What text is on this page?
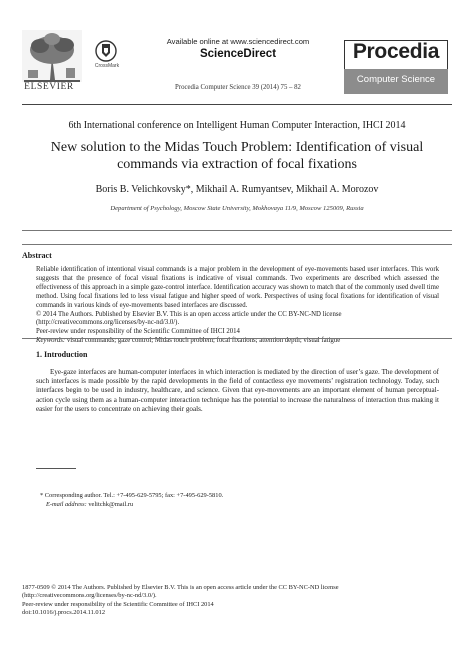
ELSEVIER
CrossMark
Available online at www.sciencedirect.com
ScienceDirect
Procedia Computer Science 39 (2014) 75 – 82
Procedia
Computer Science
6th International conference on Intelligent Human Computer Interaction, IHCI 2014
New solution to the Midas Touch Problem: Identification of visual
commands via extraction of focal fixations
Boris B. Velichkovsky*, Mikhail A. Rumyantsev, Mikhail A. Morozov
Department of Psychology, Moscow State University, Mokhovaya 11/9, Moscow 125009, Russia
Abstract

Reliable identification of intentional visual commands is a major problem in the development of eye-movements based user interfaces. This work suggests that the presence of focal visual fixations is indicative of visual commands. Two experiments are described which assessed the effectiveness of this approach in a simple gaze-control interface. Identification accuracy was shown to match that of the commonly used dwell time method. Using focal fixations led to less visual fatigue and higher speed of work. Perspectives of using focal fixations for identification of visual commands in various kinds of eye-movements based interfaces are discussed.

© 2014 The Authors. Published by Elsevier B.V. This is an open access article under the CC BY-NC-ND license

(http://creativecommons.org/licenses/by-nc-nd/3.0/).

Peer-review under responsibility of the Scientific Committee of IHCI 2014

Keywords: visual commands; gaze control; Midas touch problem; focal fixations; attention depth; visual fatigue

1. Introduction

Eye-gaze interfaces are human-computer interfaces in which interaction is mediated by the direction of user’s gaze. The development of such interfaces is made possible by the rapid developments in the field of contactless eye movements’ registration technology. Today, such interfaces begin to be used in industry, healthcare, and science. Given that eye-movements are an important element of human perceptual-action cycle using them as a human-computer interaction technique has the potential to increase the naturalness of interaction thus making it easier for the users to concentrate on achieving their goals.

* Corresponding author. Tel.: +7-495-629-5795; fax: +7-495-629-5810.
E-mail address: velitchk@mail.ru
1877-0509 © 2014 The Authors. Published by Elsevier B.V. This is an open access article under the CC BY-NC-ND license
(http://creativecommons.org/licenses/by-nc-nd/3.0/).
Peer-review under responsibility of the Scientific Committee of IHCI 2014
doi:10.1016/j.procs.2014.11.012
